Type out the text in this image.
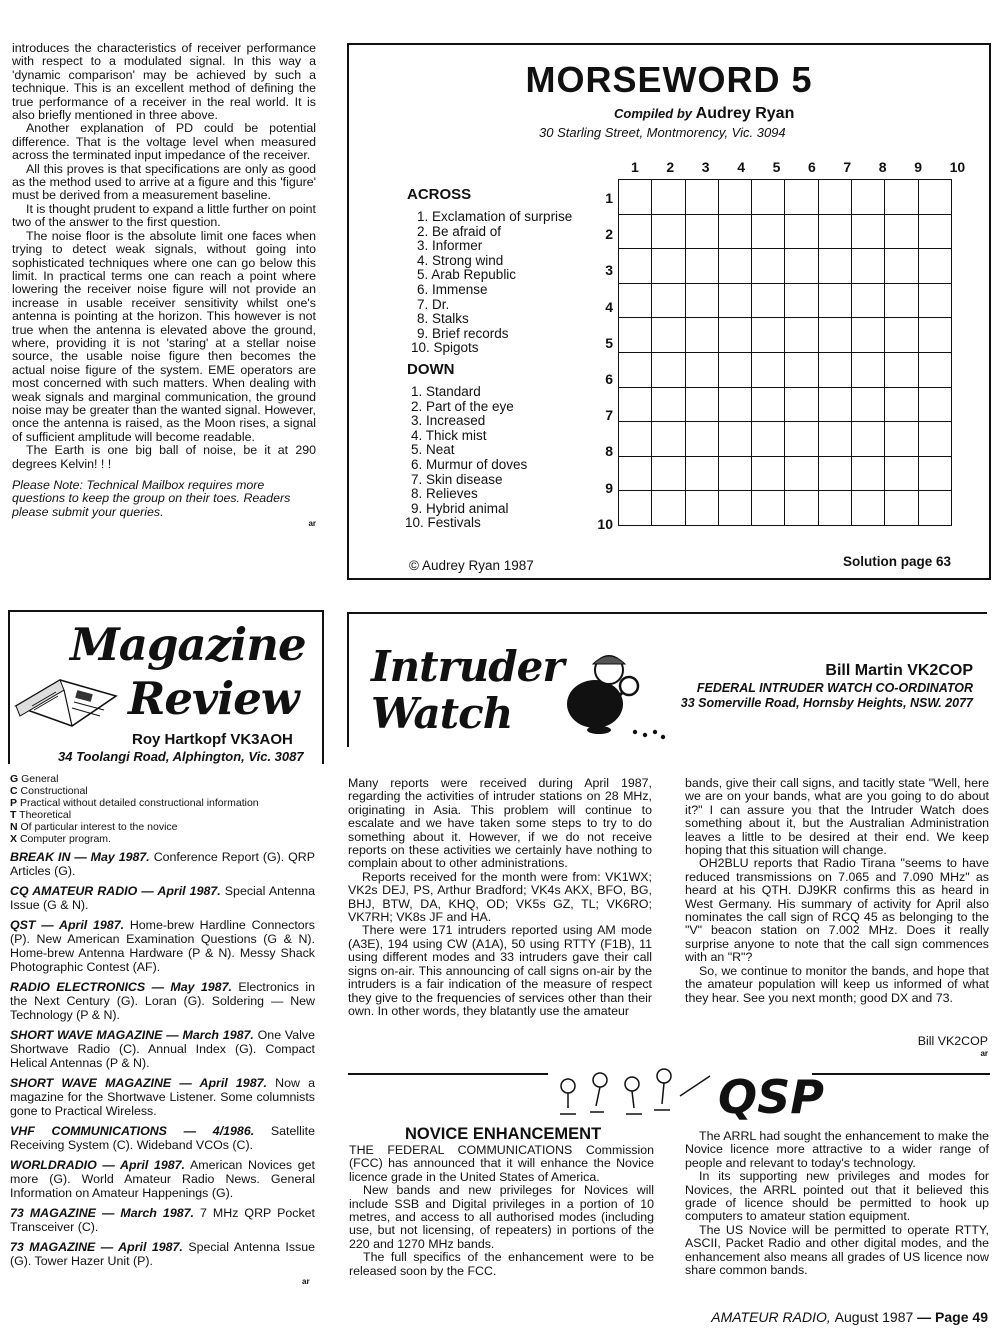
introduces the characteristics of receiver performance with respect to a modulated signal. In this way a 'dynamic comparison' may be achieved by such a technique. This is an excellent method of defining the true performance of a receiver in the real world. It is also briefly mentioned in three above.

Another explanation of PD could be potential difference. That is the voltage level when measured across the terminated input impedance of the receiver.

All this proves is that specifications are only as good as the method used to arrive at a figure and this 'figure' must be derived from a measurement baseline.

It is thought prudent to expand a little further on point two of the answer to the first question.

The noise floor is the absolute limit one faces when trying to detect weak signals, without going into sophisticated techniques where one can go below this limit. In practical terms one can reach a point where lowering the receiver noise figure will not provide an increase in usable receiver sensitivity whilst one's antenna is pointing at the horizon. This however is not true when the antenna is elevated above the ground, where, providing it is not 'staring' at a stellar noise source, the usable noise figure then becomes the actual noise figure of the system. EME operators are most concerned with such matters. When dealing with weak signals and marginal communication, the ground noise may be greater than the wanted signal. However, once the antenna is raised, as the Moon rises, a signal of sufficient amplitude will become readable.

The Earth is one big ball of noise, be it at 290 degrees Kelvin! ! !

Please Note: Technical Mailbox requires more questions to keep the group on their toes. Readers please submit your queries.

ar
MORSEWORD 5
Compiled by Audrey Ryan
30 Starling Street, Montmorency, Vic. 3094
ACROSS
1. Exclamation of surprise
2. Be afraid of
3. Informer
4. Strong wind
5. Arab Republic
6. Immense
7. Dr.
8. Stalks
9. Brief records
10. Spigots
DOWN
1. Standard
2. Part of the eye
3. Increased
4. Thick mist
5. Neat
6. Murmur of doves
7. Skin disease
8. Relieves
9. Hybrid animal
10. Festivals
1 2 3 4 5 6 7 8 9 10
1
2
3
4
5
6
7
8
9
10

© Audrey Ryan 1987	Solution page 63
Magazine
Review
Roy Hartkopf VK3AOH
34 Toolangi Road, Alphington, Vic. 3087
G General
C Constructional
P Practical without detailed constructional information
T Theoretical
N Of particular interest to the novice
X Computer program.

BREAK IN — May 1987. Conference Report (G). QRP Articles (G).

CQ AMATEUR RADIO — April 1987. Special Antenna Issue (G & N).

QST — April 1987. Home-brew Hardline Connectors (P). New American Examination Questions (G & N). Home-brew Antenna Hardware (P & N). Messy Shack Photographic Contest (AF).

RADIO ELECTRONICS — May 1987. Electronics in the Next Century (G). Loran (G). Soldering — New Technology (P & N).

SHORT WAVE MAGAZINE — March 1987. One Valve Shortwave Radio (C). Annual Index (G). Compact Helical Antennas (P & N).

SHORT WAVE MAGAZINE — April 1987. Now a magazine for the Shortwave Listener. Some columnists gone to Practical Wireless.

VHF COMMUNICATIONS — 4/1986. Satellite Receiving System (C). Wideband VCOs (C).

WORLDRADIO — April 1987. American Novices get more (G). World Amateur Radio News. General Information on Amateur Happenings (G).

73 MAGAZINE — March 1987. 7 MHz QRP Pocket Transceiver (C).

73 MAGAZINE — April 1987. Special Antenna Issue (G). Tower Hazer Unit (P).

ar
Intruder
Watch
Bill Martin VK2COP
FEDERAL INTRUDER WATCH CO-ORDINATOR
33 Somerville Road, Hornsby Heights, NSW. 2077

Many reports were received during April 1987, regarding the activities of intruder stations on 28 MHz, originating in Asia. This problem will continue to escalate and we have taken some steps to try to do something about it. However, if we do not receive reports on these activities we certainly have nothing to complain about to other administrations.

Reports received for the month were from: VK1WX; VK2s DEJ, PS, Arthur Bradford; VK4s AKX, BFO, BG, BHJ, BTW, DA, KHQ, OD; VK5s GZ, TL; VK6RO; VK7RH; VK8s JF and HA.

There were 171 intruders reported using AM mode (A3E), 194 using CW (A1A), 50 using RTTY (F1B), 11 using different modes and 33 intruders gave their call signs on-air. This announcing of call signs on-air by the intruders is a fair indication of the measure of respect they give to the frequencies of services other than their own. In other words, they blatantly use the amateur

bands, give their call signs, and tacitly state "Well, here we are on your bands, what are you going to do about it?" I can assure you that the Intruder Watch does something about it, but the Australian Administration leaves a little to be desired at their end. We keep hoping that this situation will change.

OH2BLU reports that Radio Tirana "seems to have reduced transmissions on 7.065 and 7.090 MHz" as heard at his QTH. DJ9KR confirms this as heard in West Germany. His summary of activity for April also nominates the call sign of RCQ 45 as belonging to the "V" beacon station on 7.002 MHz. Does it really surprise anyone to note that the call sign commences with an "R"?

So, we continue to monitor the bands, and hope that the amateur population will keep us informed of what they hear. See you next month; good DX and 73.

Bill VK2COP
ar
QSP
NOVICE ENHANCEMENT

THE FEDERAL COMMUNICATIONS Commission (FCC) has announced that it will enhance the Novice licence grade in the United States of America.

New bands and new privileges for Novices will include SSB and Digital privileges in a portion of 10 metres, and access to all authorised modes (including use, but not licensing, of repeaters) in portions of the 220 and 1270 MHz bands.

The full specifics of the enhancement were to be released soon by the FCC.

The ARRL had sought the enhancement to make the Novice licence more attractive to a wider range of people and relevant to today's technology.

In its supporting new privileges and modes for Novices, the ARRL pointed out that it believed this grade of licence should be permitted to hook up computers to amateur station equipment.

The US Novice will be permitted to operate RTTY, ASCII, Packet Radio and other digital modes, and the enhancement also means all grades of US licence now share common bands.

AMATEUR RADIO, August 1987 — Page 49
